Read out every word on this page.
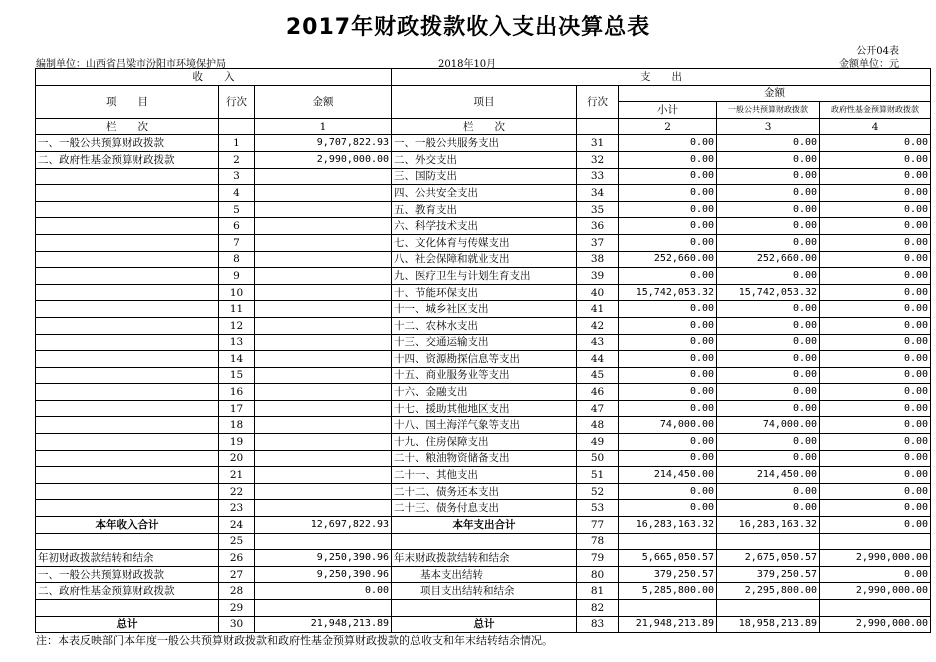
2017年财政拨款收入支出决算总表
公开04表
编制单位：山西省吕梁市汾阳市环境保护局	2018年10月	金额单位：元
收　　入			支　　出				
项　　目	行次	金额	项目	行次	金额		
					小计	一般公共预算财政拨款	政府性基金预算财政拨款
栏　　次		1	栏　　次		2	3	4
一、一般公共预算财政拨款	1	9,707,822.93	一、一般公共服务支出	31	0.00	0.00	0.00
二、政府性基金预算财政拨款	2	2,990,000.00	二、外交支出	32	0.00	0.00	0.00
	3		三、国防支出	33	0.00	0.00	0.00
	4		四、公共安全支出	34	0.00	0.00	0.00
	5		五、教育支出	35	0.00	0.00	0.00
	6		六、科学技术支出	36	0.00	0.00	0.00
	7		七、文化体育与传媒支出	37	0.00	0.00	0.00
	8		八、社会保障和就业支出	38	252,660.00	252,660.00	0.00
	9		九、医疗卫生与计划生育支出	39	0.00	0.00	0.00
	10		十、节能环保支出	40	15,742,053.32	15,742,053.32	0.00
	11		十一、城乡社区支出	41	0.00	0.00	0.00
	12		十二、农林水支出	42	0.00	0.00	0.00
	13		十三、交通运输支出	43	0.00	0.00	0.00
	14		十四、资源勘探信息等支出	44	0.00	0.00	0.00
	15		十五、商业服务业等支出	45	0.00	0.00	0.00
	16		十六、金融支出	46	0.00	0.00	0.00
	17		十七、援助其他地区支出	47	0.00	0.00	0.00
	18		十八、国土海洋气象等支出	48	74,000.00	74,000.00	0.00
	19		十九、住房保障支出	49	0.00	0.00	0.00
	20		二十、粮油物资储备支出	50	0.00	0.00	0.00
	21		二十一、其他支出	51	214,450.00	214,450.00	0.00
	22		二十二、债务还本支出	52	0.00	0.00	0.00
	23		二十三、债务付息支出	53	0.00	0.00	0.00
本年收入合计	24	12,697,822.93	本年支出合计	77	16,283,163.32	16,283,163.32	0.00
	25			78			
年初财政拨款结转和结余	26	9,250,390.96	年末财政拨款结转和结余	79	5,665,050.57	2,675,050.57	2,990,000.00
一、一般公共预算财政拨款	27	9,250,390.96	基本支出结转	80	379,250.57	379,250.57	0.00
二、政府性基金预算财政拨款	28	0.00	项目支出结转和结余	81	5,285,800.00	2,295,800.00	2,990,000.00
	29			82			
总计	30	21,948,213.89	总计	83	21,948,213.89	18,958,213.89	2,990,000.00
注：本表反映部门本年度一般公共预算财政拨款和政府性基金预算财政拨款的总收支和年末结转结余情况。
